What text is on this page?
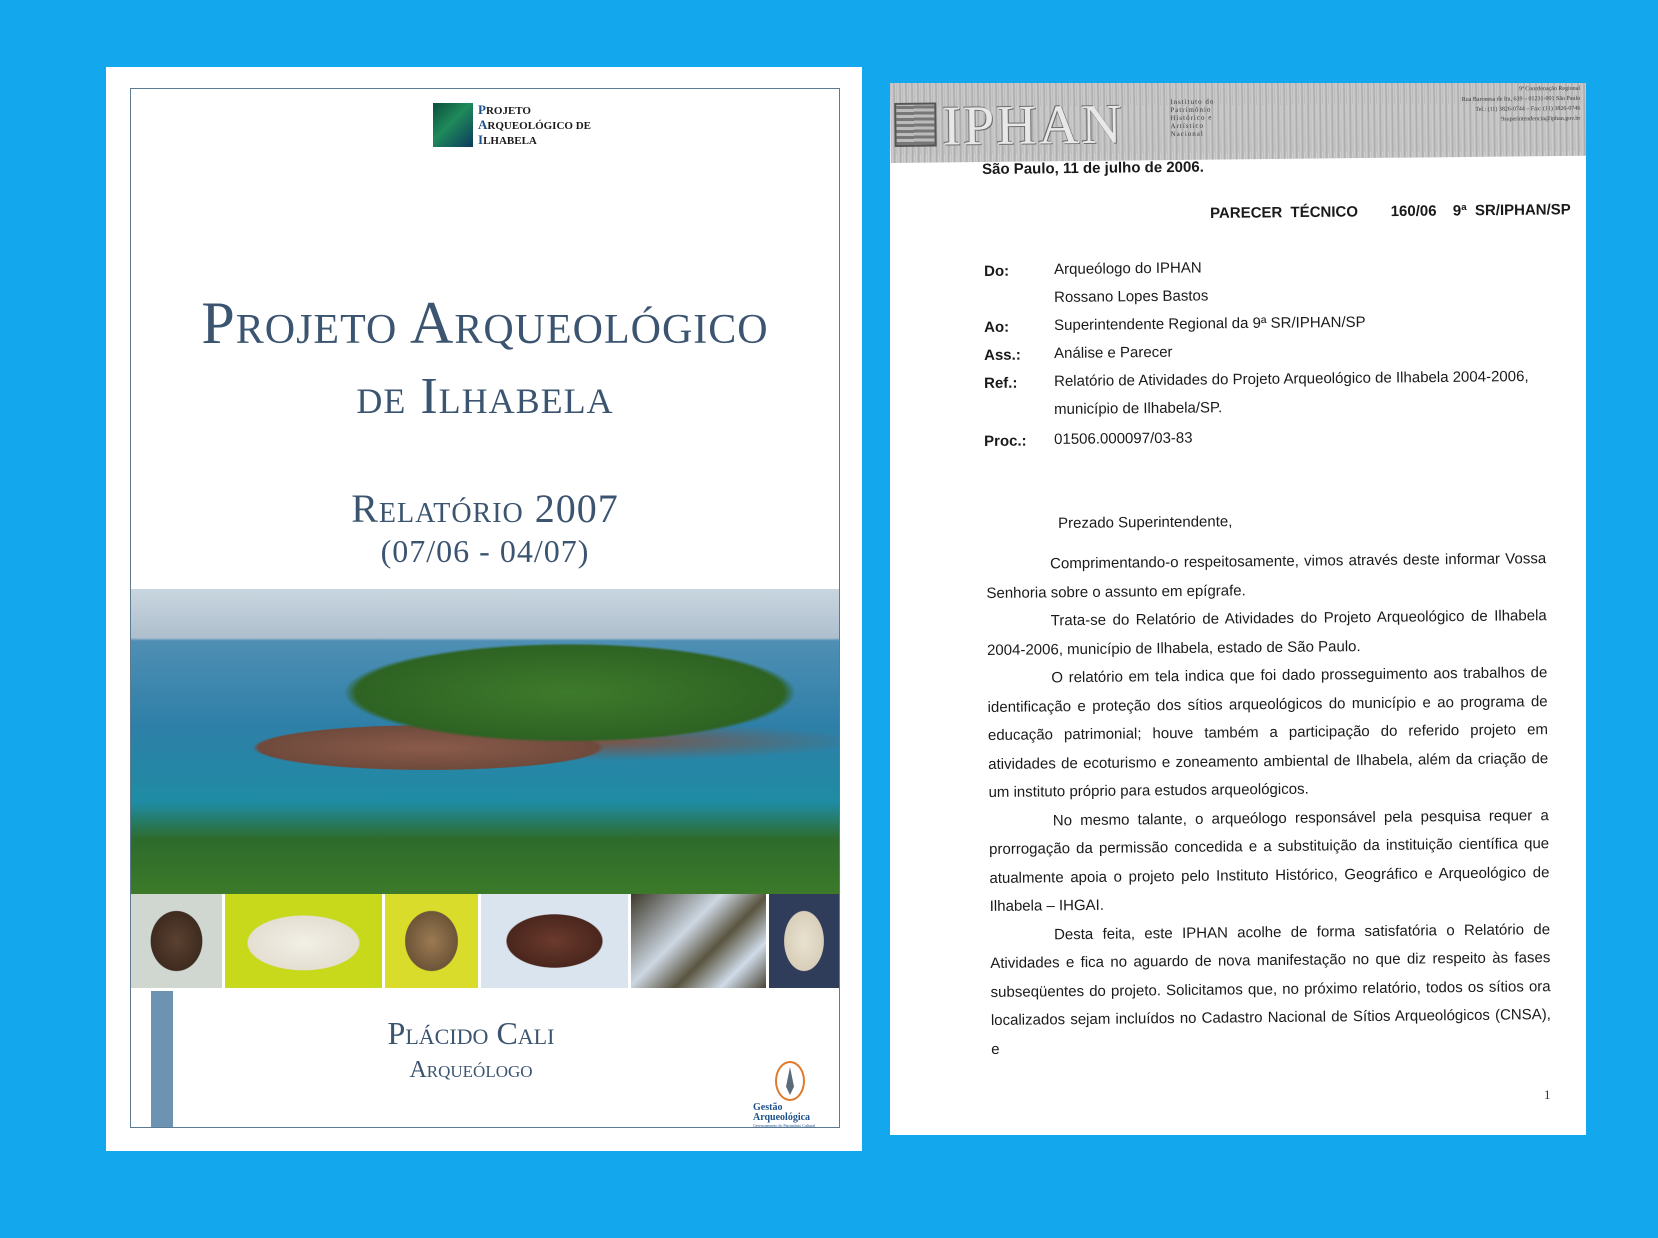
PROJETO
ARQUEOLÓGICO DE
ILHABELA
Projeto Arqueológico
de Ilhabela
Relatório 2007
(07/06 - 04/07)
Plácido Cali
Arqueólogo
Gestão
Arqueológica
Gerenciamento do Patrimônio Cultural
IPHAN	Instituto do
Patrimônio
Histórico e
Artístico
Nacional
9ª Coordenação Regional
Rua Baronesa de Itu, 639 – 01231-001 São Paulo
Tel.: (11) 3826-0744 – Fax: (11) 3826-0746
9superintendencia@iphan.gov.br
São Paulo, 11 de julho de 2006.
PARECER TÉCNICO    160/06  9ª SR/IPHAN/SP
Do:	Arqueólogo do IPHAN
Rossano Lopes Bastos
Ao:	Superintendente Regional da 9ª SR/IPHAN/SP
Ass.: Análise e Parecer
Ref.: Relatório de Atividades do Projeto Arqueológico de Ilhabela 2004-2006,
município de Ilhabela/SP.
Proc.: 01506.000097/03-83
Prezado Superintendente,

Comprimentando-o respeitosamente, vimos através deste informar Vossa Senhoria sobre o assunto em epígrafe.

Trata-se do Relatório de Atividades do Projeto Arqueológico de Ilhabela 2004-2006, município de Ilhabela, estado de São Paulo.

O relatório em tela indica que foi dado prosseguimento aos trabalhos de identificação e proteção dos sítios arqueológicos do município e ao programa de educação patrimonial; houve também a participação do referido projeto em atividades de ecoturismo e zoneamento ambiental de Ilhabela, além da criação de um instituto próprio para estudos arqueológicos.

No mesmo talante, o arqueólogo responsável pela pesquisa requer a prorrogação da permissão concedida e a substituição da instituição científica que atualmente apoia o projeto pelo Instituto Histórico, Geográfico e Arqueológico de Ilhabela – IHGAI.

Desta feita, este IPHAN acolhe de forma satisfatória o Relatório de Atividades e fica no aguardo de nova manifestação no que diz respeito às fases subseqüentes do projeto. Solicitamos que, no próximo relatório, todos os sítios ora localizados sejam incluídos no Cadastro Nacional de Sítios Arqueológicos (CNSA), e

1
